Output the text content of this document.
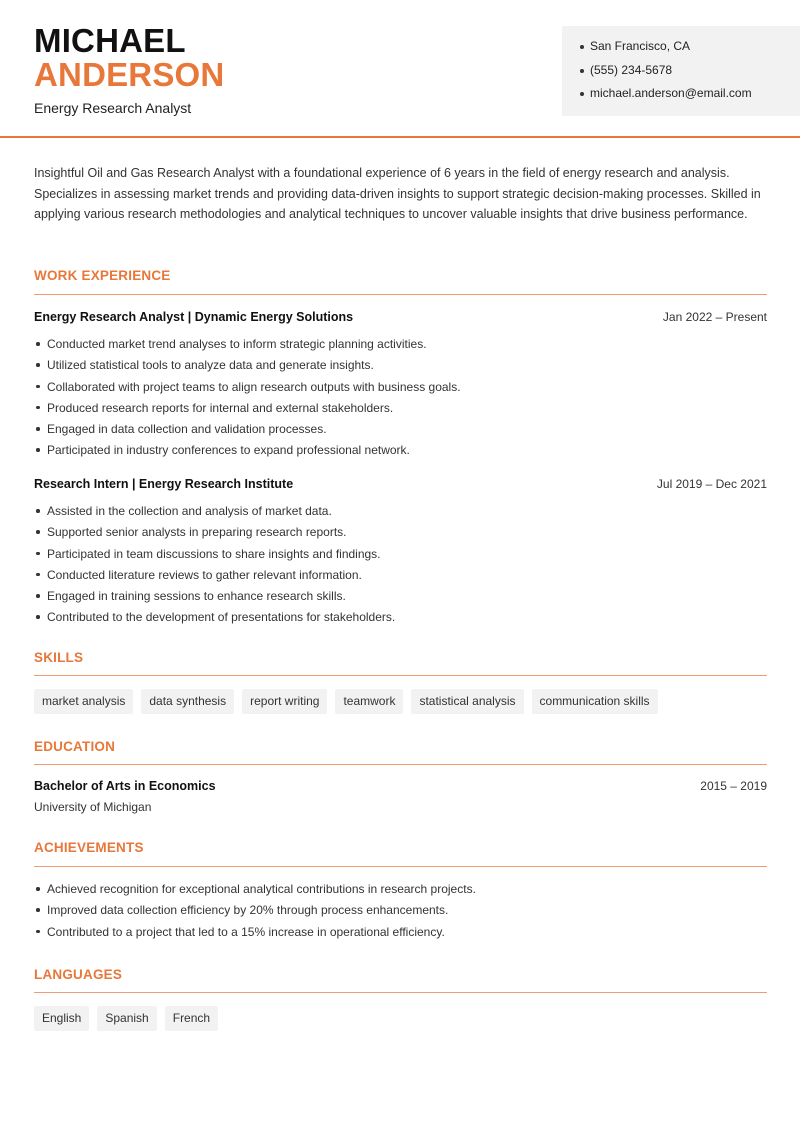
MICHAEL
ANDERSON
Energy Research Analyst
San Francisco, CA
(555) 234-5678
michael.anderson@email.com

Insightful Oil and Gas Research Analyst with a foundational experience of 6 years in the field of energy research and analysis. Specializes in assessing market trends and providing data-driven insights to support strategic decision-making processes. Skilled in applying various research methodologies and analytical techniques to uncover valuable insights that drive business performance.

WORK EXPERIENCE
Energy Research Analyst | Dynamic Energy Solutions	Jan 2022 – Present
Conducted market trend analyses to inform strategic planning activities.
Utilized statistical tools to analyze data and generate insights.
Collaborated with project teams to align research outputs with business goals.
Produced research reports for internal and external stakeholders.
Engaged in data collection and validation processes.
Participated in industry conferences to expand professional network.
Research Intern | Energy Research Institute	Jul 2019 – Dec 2021
Assisted in the collection and analysis of market data.
Supported senior analysts in preparing research reports.
Participated in team discussions to share insights and findings.
Conducted literature reviews to gather relevant information.
Engaged in training sessions to enhance research skills.
Contributed to the development of presentations for stakeholders.
SKILLS
market analysis	data synthesis	report writing	teamwork	statistical analysis	communication skills
EDUCATION
Bachelor of Arts in Economics	2015 – 2019
University of Michigan
ACHIEVEMENTS
Achieved recognition for exceptional analytical contributions in research projects.
Improved data collection efficiency by 20% through process enhancements.
Contributed to a project that led to a 15% increase in operational efficiency.
LANGUAGES
English	Spanish	French
